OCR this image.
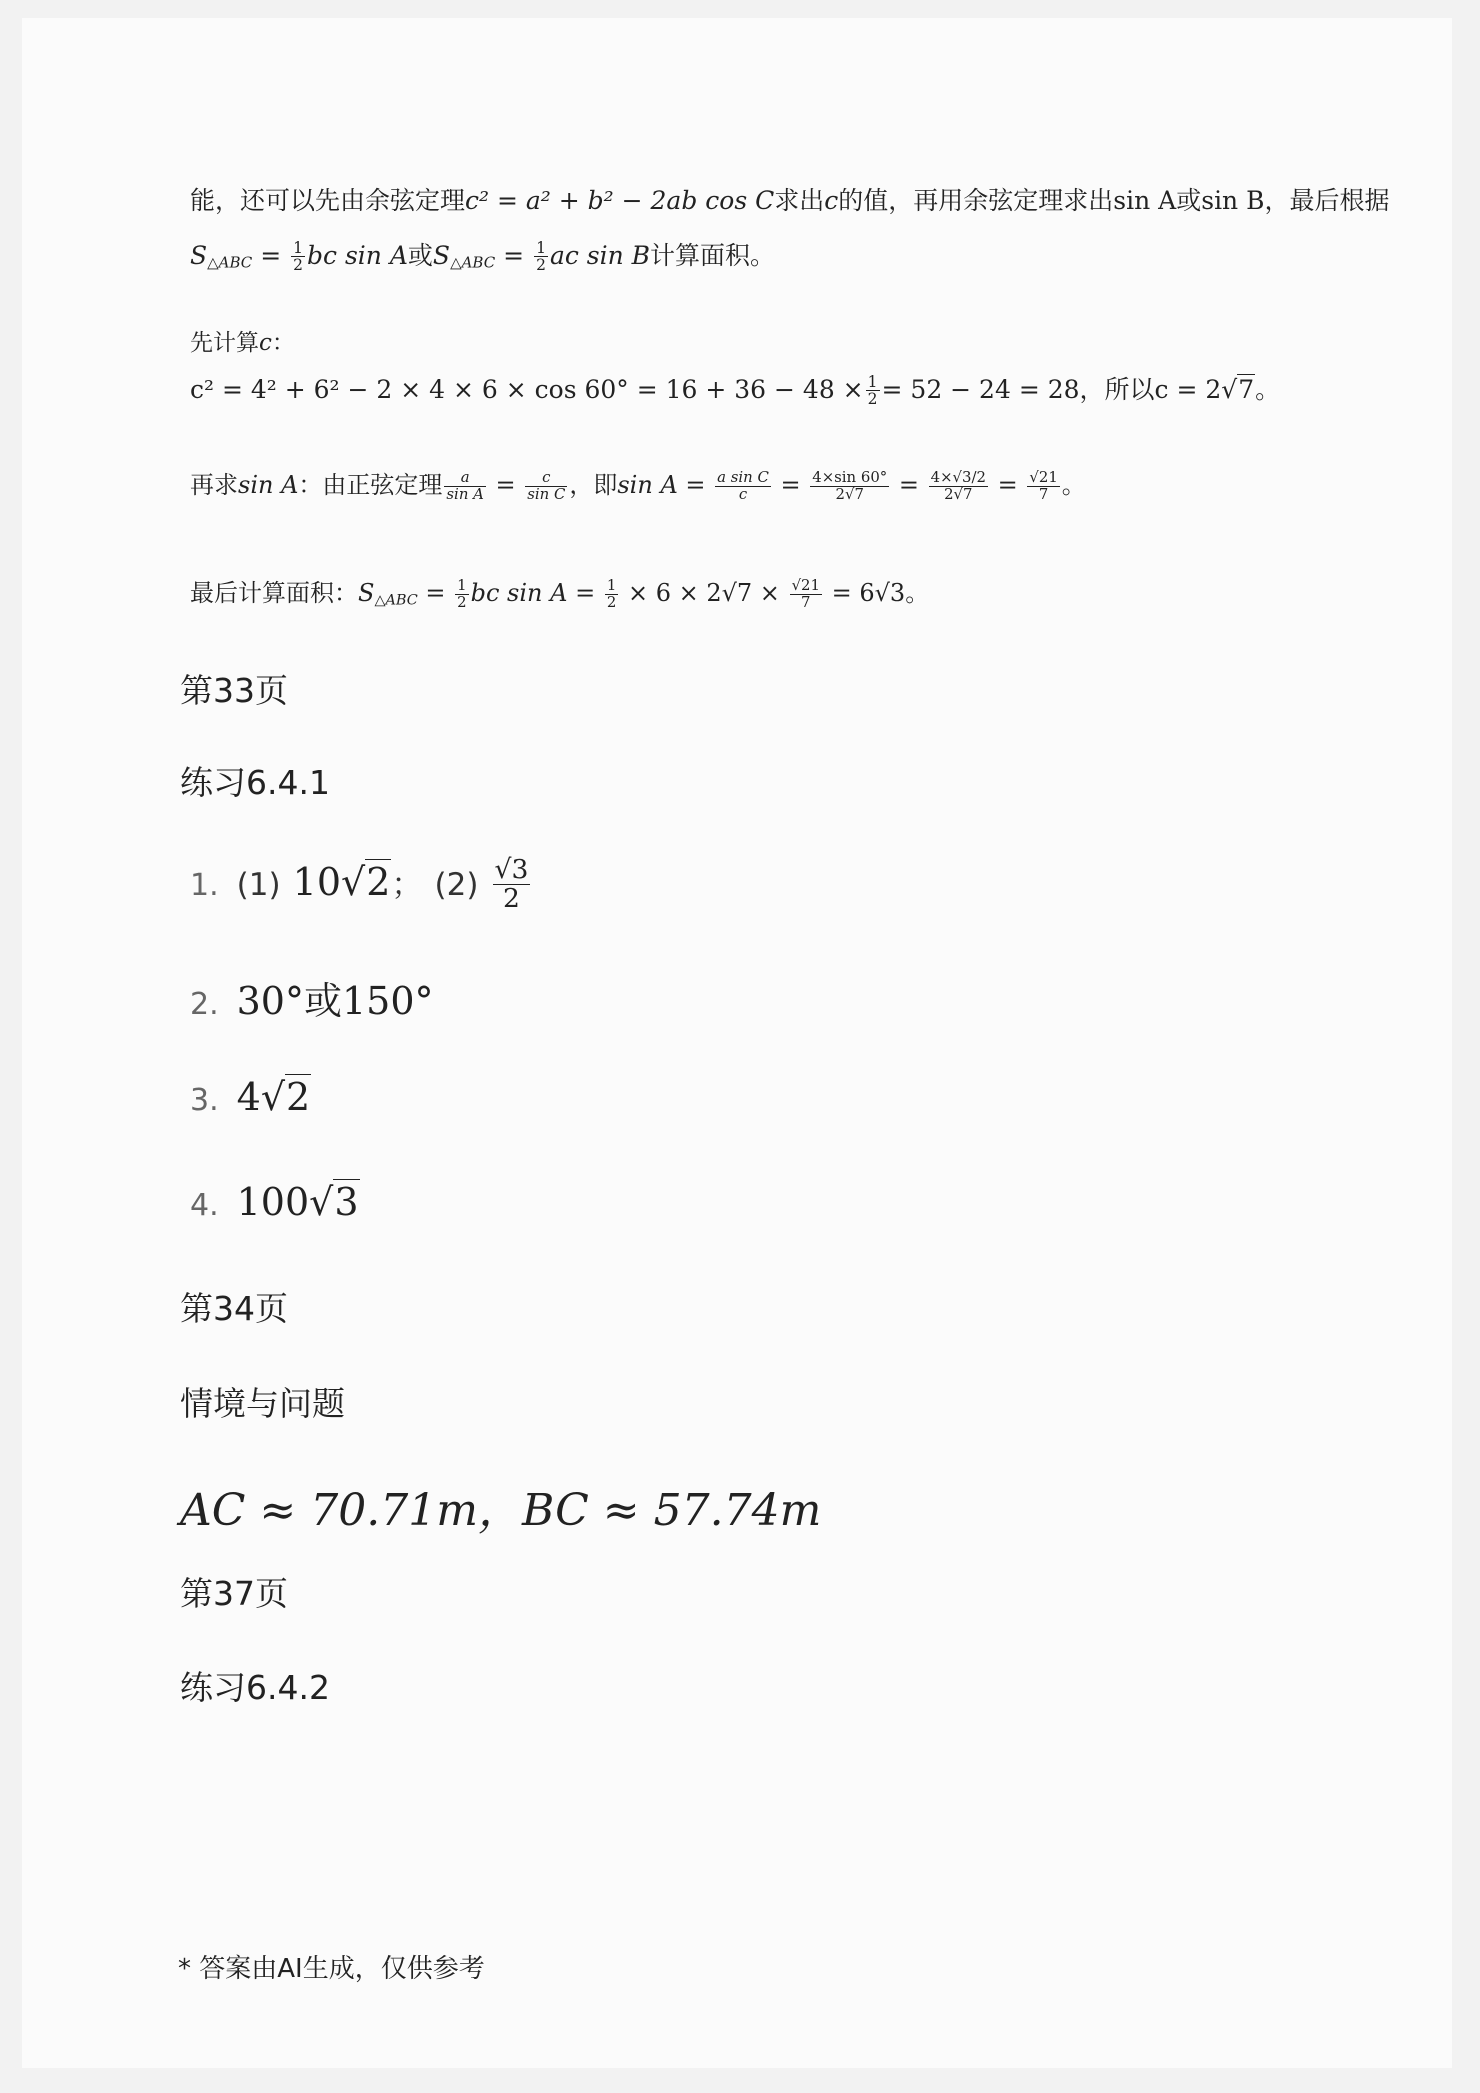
能，还可以先由余弦定理c² = a² + b² − 2ab cos C求出c的值，再用余弦定理求出sin A或sin B，最后根据
$S_{\triangle ABC} = \frac{1}{2}$ bc sin A或$S_{\triangle ABC} = \frac{1}{2}$ ac sin B计算面积。
先计算c：
$c^2 = 4^2 + 6^2 - 2 \times 4 \times 6 \times \cos 60^\circ = 16 + 36 - 48 \times \frac{1}{2} = 52 - 24 = 28$，所以c = 2√7。
再求sin A：由正弦定理 $\frac{a}{\text{sin A}} = \frac{c}{\text{sin C}}$ ，即$\sin A = \frac{\text{a sin C}}{c} = \frac{4\times\sin 60^\circ}{2√7} = \frac{4\times√3/2}{2√7} = \frac{√21}{7}$ 。
最后计算面积：$S_{\triangle ABC} = \frac{1}{2}$ bc $\sin A = \frac{1}{2} \times 6 \times 2√7 \times \frac{√21}{7} = 6√3$。
第33页
练习6.4.1
1. (1) 10√2； $(2) \frac{√3}{2}$
2. 30°或150°
3. 4√2
4. 100√3
第34页
情境与问题
AC ≈ 70.71m，BC ≈ 57.74m
第37页
练习6.4.2
* 答案由AI生成，仅供参考
